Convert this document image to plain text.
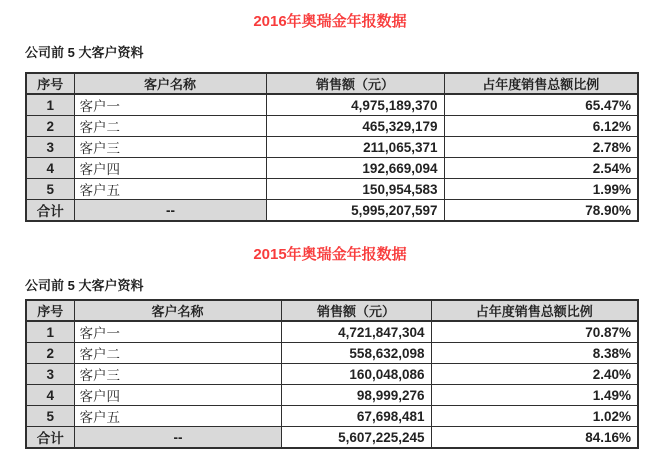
2016年奥瑞金年报数据
公司前 5 大客户资料
序号	客户名称	销售额（元）	占年度销售总额比例
1	客户一	4,975,189,370	65.47%
2	客户二	465,329,179	6.12%
3	客户三	211,065,371	2.78%
4	客户四	192,669,094	2.54%
5	客户五	150,954,583	1.99%
合计	--	5,995,207,597	78.90%
2015年奥瑞金年报数据
公司前 5 大客户资料
序号	客户名称	销售额（元）	占年度销售总额比例
1	客户一	4,721,847,304	70.87%
2	客户二	558,632,098	8.38%
3	客户三	160,048,086	2.40%
4	客户四	98,999,276	1.49%
5	客户五	67,698,481	1.02%
合计	--	5,607,225,245	84.16%
